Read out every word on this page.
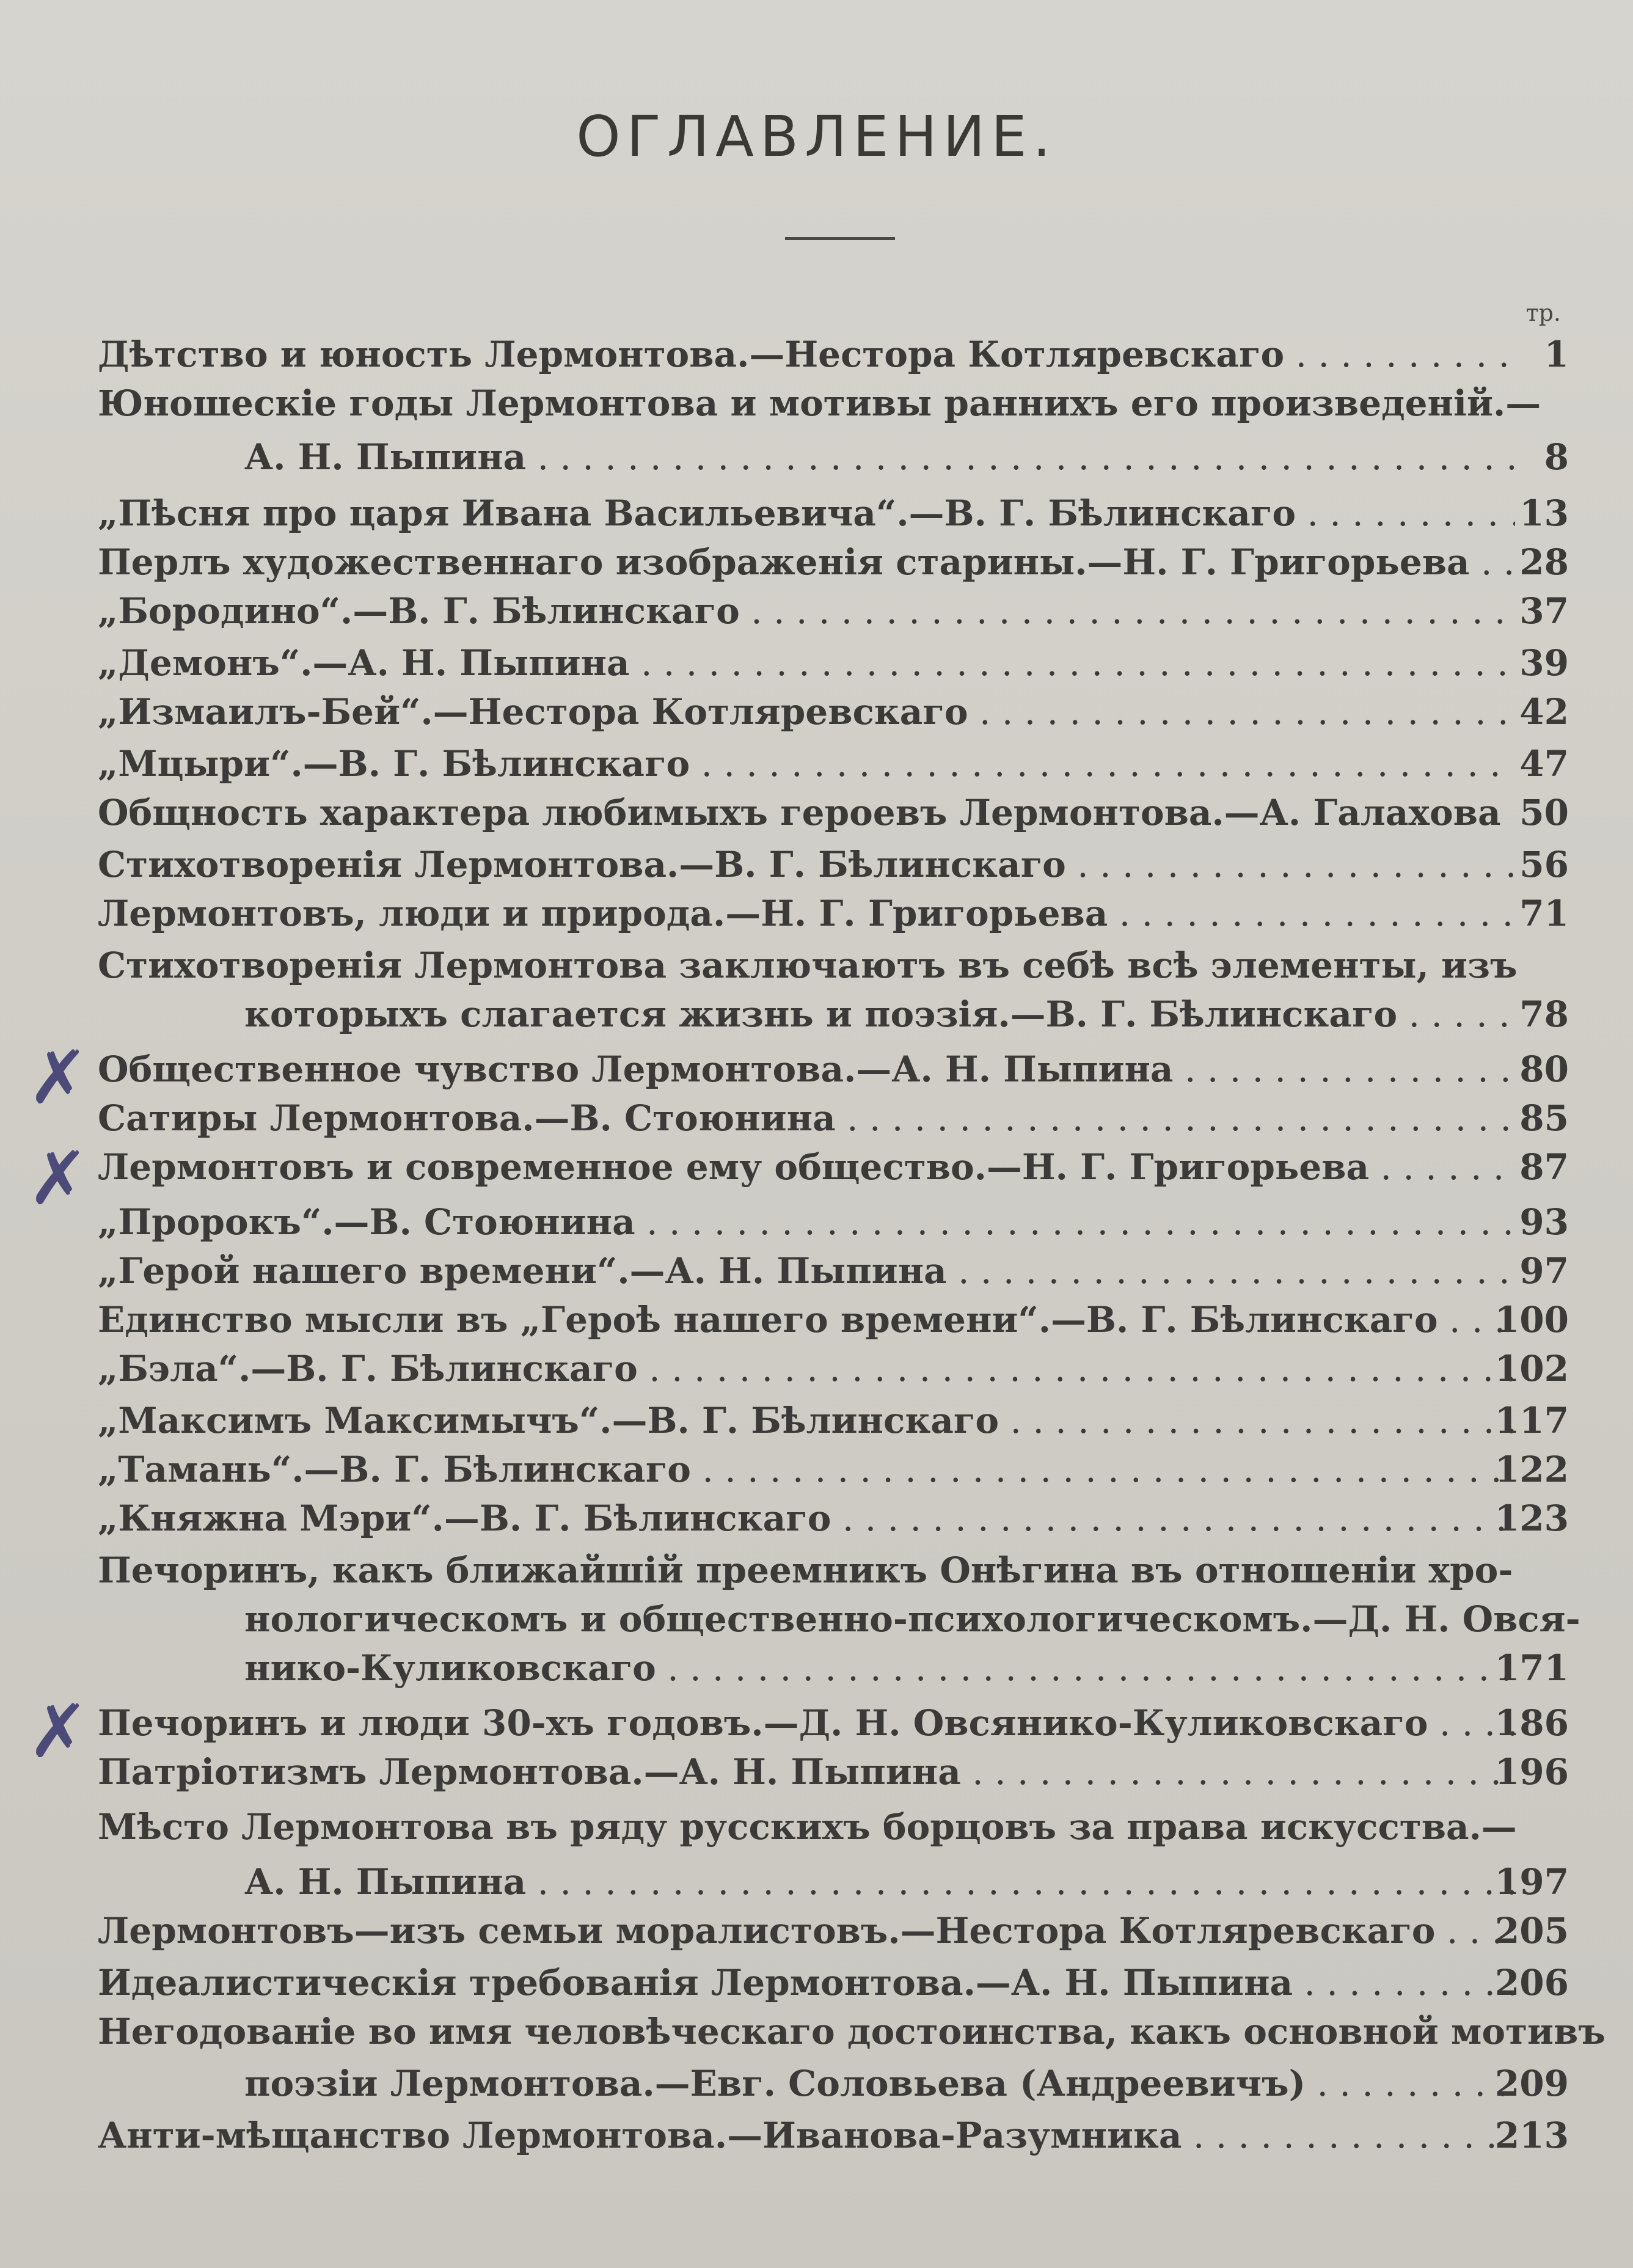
ОГЛАВЛЕНИЕ.
тр.
Дѣтство и юность Лермонтова.—Нестора Котляревскаго . . .	1
Юношескіе годы Лермонтова и мотивы раннихъ его произведеній.—
А. Н. Пыпина . . .	8
„Пѣсня про царя Ивана Васильевича“.—В. Г. Бѣлинскаго . . .	13
Перлъ художественнаго изображенія старины.—Н. Г. Григорьева . . .	28
„Бородино“.—В. Г. Бѣлинскаго . . .	37
„Демонъ“.—А. Н. Пыпина . . .	39
„Измаилъ-Бей“.—Нестора Котляревскаго . . .	42
„Мцыри“.—В. Г. Бѣлинскаго . . .	47
Общность характера любимыхъ героевъ Лермонтова.—А. Галахова . . . 50
Стихотворенія Лермонтова.—В. Г. Бѣлинскаго . . .	56
Лермонтовъ, люди и природа.—Н. Г. Григорьева . . .	71
Стихотворенія Лермонтова заключаютъ въ себѣ всѣ элементы, изъ
которыхъ слагается жизнь и поэзія.—В. Г. Бѣлинскаго . . .	78
Общественное чувство Лермонтова.—А. Н. Пыпина . . .	80
Сатиры Лермонтова.—В. Стоюнина . . .	85
Лермонтовъ и современное ему общество.—Н. Г. Григорьева . . .	87
„Пророкъ“.—В. Стоюнина . . .	93
„Герой нашего времени“.—А. Н. Пыпина . . .	97
Единство мысли въ „Героѣ нашего времени“.—В. Г. Бѣлинскаго . . .	100
„Бэла“.—В. Г. Бѣлинскаго . . .	102
„Максимъ Максимычъ“.—В. Г. Бѣлинскаго . . .	117
„Тамань“.—В. Г. Бѣлинскаго . . .	122
„Княжна Мэри“.—В. Г. Бѣлинскаго . . .	123
Печоринъ, какъ ближайшій преемникъ Онѣгина въ отношеніи хро-
нологическомъ и общественно-психологическомъ.—Д. Н. Овся-
нико-Куликовскаго . . .	171
Печоринъ и люди 30-хъ годовъ.—Д. Н. Овсянико-Куликовскаго . . .	186
Патріотизмъ Лермонтова.—А. Н. Пыпина . . .	196
Мѣсто Лермонтова въ ряду русскихъ борцовъ за права искусства.—
А. Н. Пыпина . . .	197
Лермонтовъ—изъ семьи моралистовъ.—Нестора Котляревскаго . . .	205
Идеалистическія требованія Лермонтова.—А. Н. Пыпина . . .	206
Негодованіе во имя человѣческаго достоинства, какъ основной мотивъ
поэзіи Лермонтова.—Евг. Соловьева (Андреевичъ) . . .	209
Анти-мѣщанство Лермонтова.—Иванова-Разумника . . .	213
✗
✗
✗
